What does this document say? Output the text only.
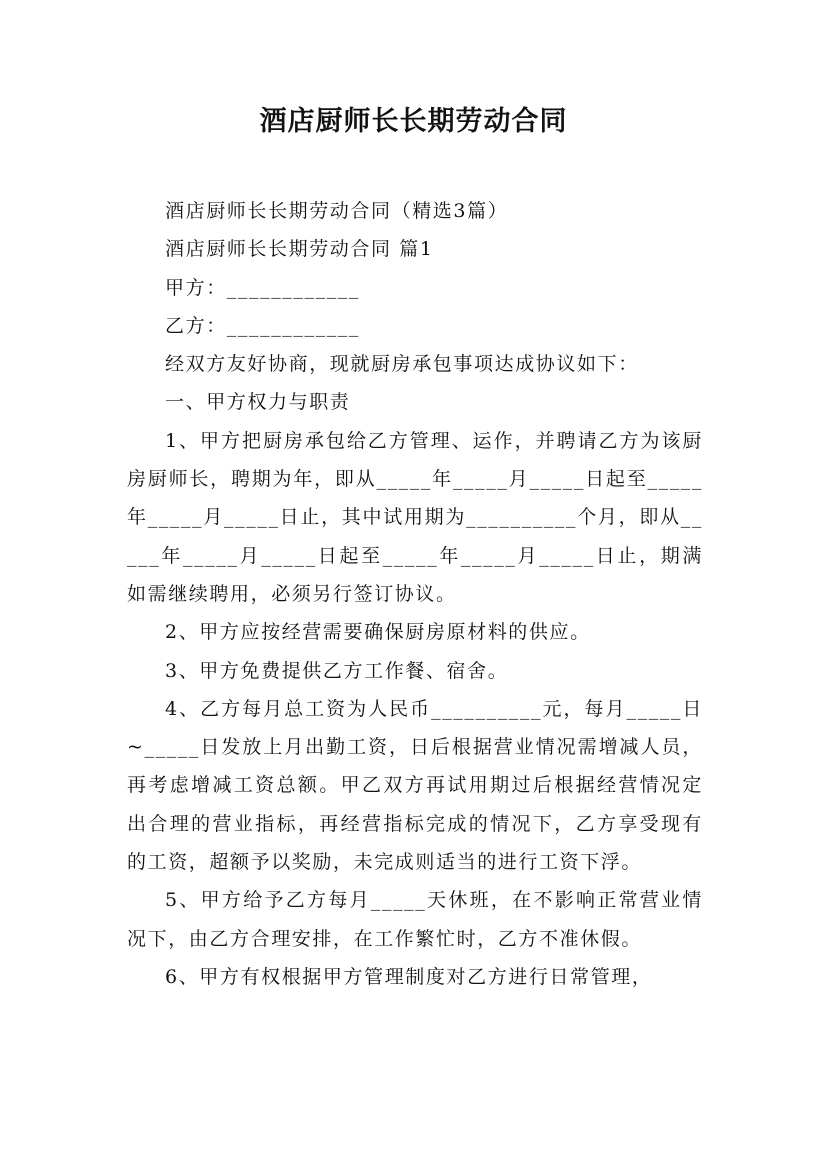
酒店厨师长长期劳动合同

酒店厨师长长期劳动合同（精选3篇）

酒店厨师长长期劳动合同 篇1

甲方：____________

乙方：____________

经双方友好协商，现就厨房承包事项达成协议如下：

一、甲方权力与职责

1、甲方把厨房承包给乙方管理、运作，并聘请乙方为该厨房厨师长，聘期为年，即从_____年_____月_____日起至_____年_____月_____日止，其中试用期为__________个月，即从_____年_____月_____日起至_____年_____月_____日止，期满如需继续聘用，必须另行签订协议。

2、甲方应按经营需要确保厨房原材料的供应。

3、甲方免费提供乙方工作餐、宿舍。

4、乙方每月总工资为人民币__________元，每月_____日~_____日发放上月出勤工资，日后根据营业情况需增减人员，再考虑增减工资总额。甲乙双方再试用期过后根据经营情况定出合理的营业指标，再经营指标完成的情况下，乙方享受现有的工资，超额予以奖励，未完成则适当的进行工资下浮。

5、甲方给予乙方每月_____天休班，在不影响正常营业情况下，由乙方合理安排，在工作繁忙时，乙方不准休假。

6、甲方有权根据甲方管理制度对乙方进行日常管理，
